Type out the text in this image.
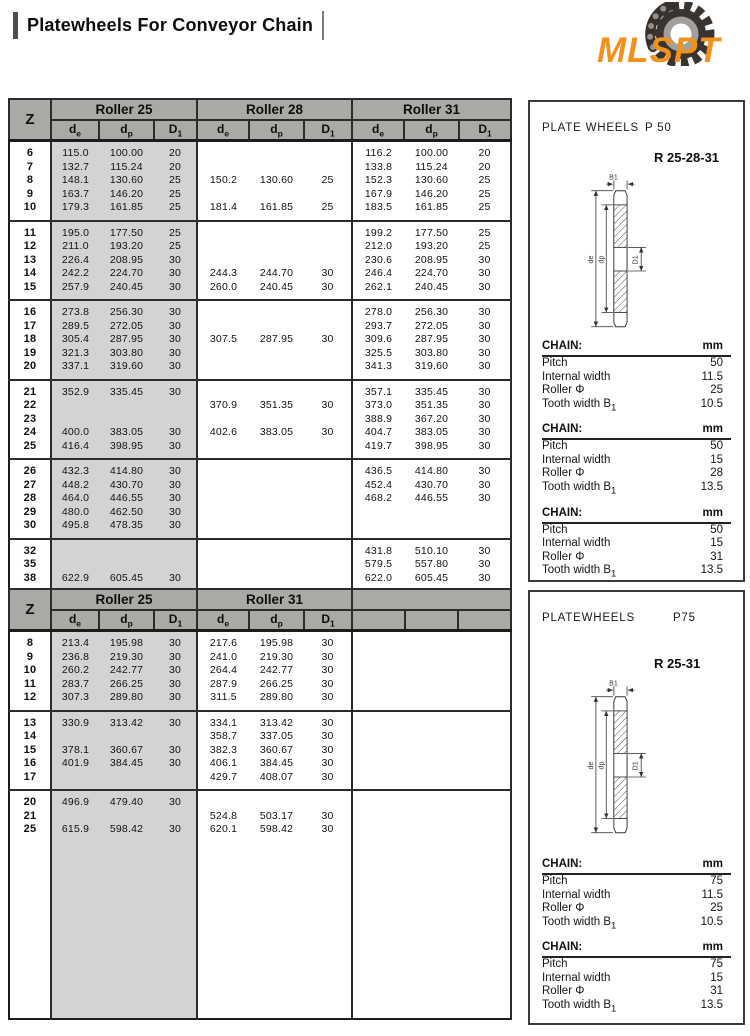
Platewheels For Conveyor Chain
MLSPT
Z	Roller 25			Roller 28			Roller 31		
	$d_e$	$d_p$	$D_1$	$d_e$	$d_p$	$D_1$	$d_e$	$d_p$	$D_1$
6	115.0	100.00	20				116.2	100.00	20
7	132.7	115.24	20				133.8	115.24	20
8	148.1	130.60	25	150.2	130.60	25	152.3	130.60	25
9	163.7	146.20	25				167.9	146.20	25
10	179.3	161.85	25	181.4	161.85	25	183.5	161.85	25
11	195.0	177.50	25				199.2	177.50	25
12	211.0	193.20	25				212.0	193.20	25
13	226.4	208.95	30				230.6	208.95	30
14	242.2	224.70	30	244.3	244.70	30	246.4	224.70	30
15	257.9	240.45	30	260.0	240.45	30	262.1	240.45	30
16	273.8	256.30	30				278.0	256.30	30
17	289.5	272.05	30				293.7	272.05	30
18	305.4	287.95	30	307.5	287.95	30	309.6	287.95	30
19	321.3	303.80	30				325.5	303.80	30
20	337.1	319.60	30				341.3	319.60	30
21	352.9	335.45	30				357.1	335.45	30
22				370.9	351.35	30	373.0	351.35	30
23							388.9	367.20	30
24	400.0	383.05	30	402.6	383.05	30	404.7	383.05	30
25	416.4	398.95	30				419.7	398.95	30
26	432.3	414.80	30				436.5	414.80	30
27	448.2	430.70	30				452.4	430.70	30
28	464.0	446.55	30				468.2	446.55	30
29	480.0	462.50	30						
30	495.8	478.35	30						
32							431.8	510.10	30
35							579.5	557.80	30
38	622.9	605.45	30				622.0	605.45	30
Z	Roller 25			Roller 31					
	$d_e$	$d_p$	$D_1$	$d_e$	$d_p$	$D_1$			
8	213.4	195.98	30	217.6	195.98	30			
9	236.8	219.30	30	241.0	219.30	30			
10	260.2	242.77	30	264.4	242.77	30			
11	283.7	266.25	30	287.9	266.25	30			
12	307.3	289.80	30	311.5	289.80	30			
13	330.9	313.42	30	334.1	313.42	30			
14				358.7	337.05	30			
15	378.1	360.67	30	382.3	360.67	30			
16	401.9	384.45	30	406.1	384.45	30			
17				429.7	408.07	30			
20	496.9	479.40	30						
21				524.8	503.17	30			
25	615.9	598.42	30	620.1	598.42	30			

PLATE WHEELS P 50
R 25-28-31
B1
de dp	D1
CHAIN:	mm
Pitch	50
Internal width	11.5
Roller Φ	25
Tooth width $B_1$	10.5
CHAIN:	mm
Pitch	50
Internal width	15
Roller Φ	28
Tooth width $B_1$	13.5
CHAIN:	mm
Pitch	50
Internal width	15
Roller Φ	31
Tooth width $B_1$	13.5
PLATEWHEELS	P75
R 25-31
B1
de dp	D1
CHAIN:	mm
Pitch	75
Internal width	11.5
Roller Φ	25
Tooth width $B_1$	10.5
CHAIN:	mm
Pitch	75
Internal width	15
Roller Φ	31
Tooth width $B_1$	13.5
